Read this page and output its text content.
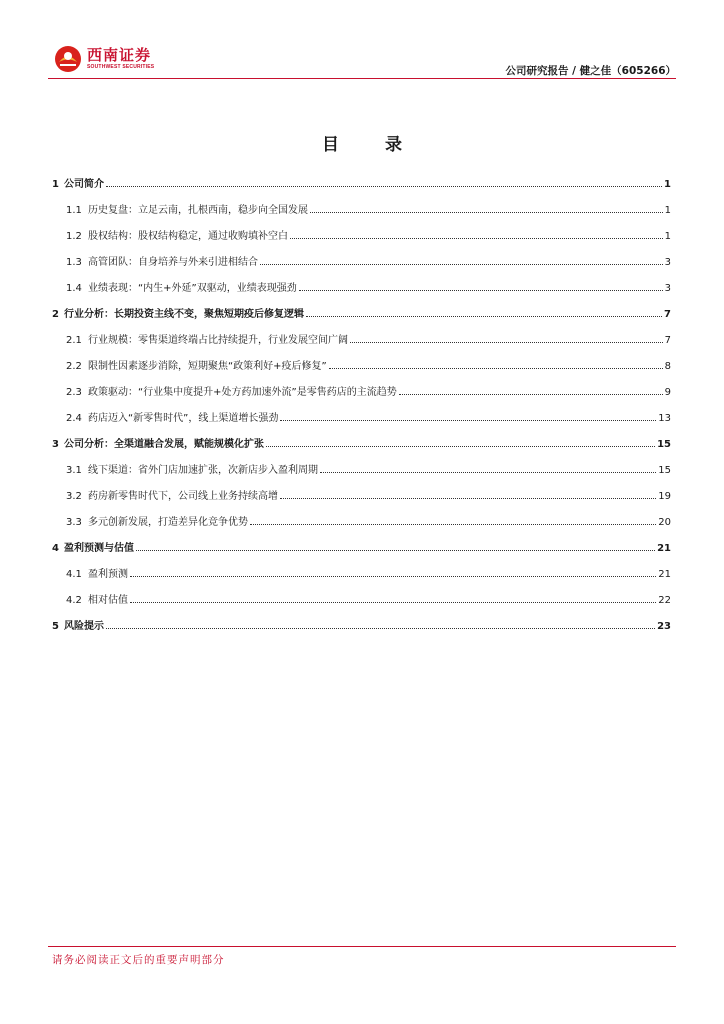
西南证券
SOUTHWEST SECURITIES	公司研究报告 / 健之佳（605266）
目 录
1 公司简介	1
1.1 历史复盘：立足云南，扎根西南，稳步向全国发展	1
1.2 股权结构：股权结构稳定，通过收购填补空白	1
1.3 高管团队：自身培养与外来引进相结合	3
1.4 业绩表现：“内生+外延”双驱动，业绩表现强劲	3
2 行业分析：长期投资主线不变，聚焦短期疫后修复逻辑	7
2.1 行业规模：零售渠道终端占比持续提升，行业发展空间广阔	7
2.2 限制性因素逐步消除，短期聚焦“政策利好+疫后修复”	8
2.3 政策驱动：“行业集中度提升+处方药加速外流”是零售药店的主流趋势	9
2.4 药店迈入“新零售时代”，线上渠道增长强劲	13
3 公司分析：全渠道融合发展，赋能规模化扩张	15
3.1 线下渠道：省外门店加速扩张，次新店步入盈利周期	15
3.2 药房新零售时代下，公司线上业务持续高增	19
3.3 多元创新发展，打造差异化竞争优势	20
4 盈利预测与估值	21
4.1 盈利预测	21
4.2 相对估值	22
5 风险提示	23
请务必阅读正文后的重要声明部分
